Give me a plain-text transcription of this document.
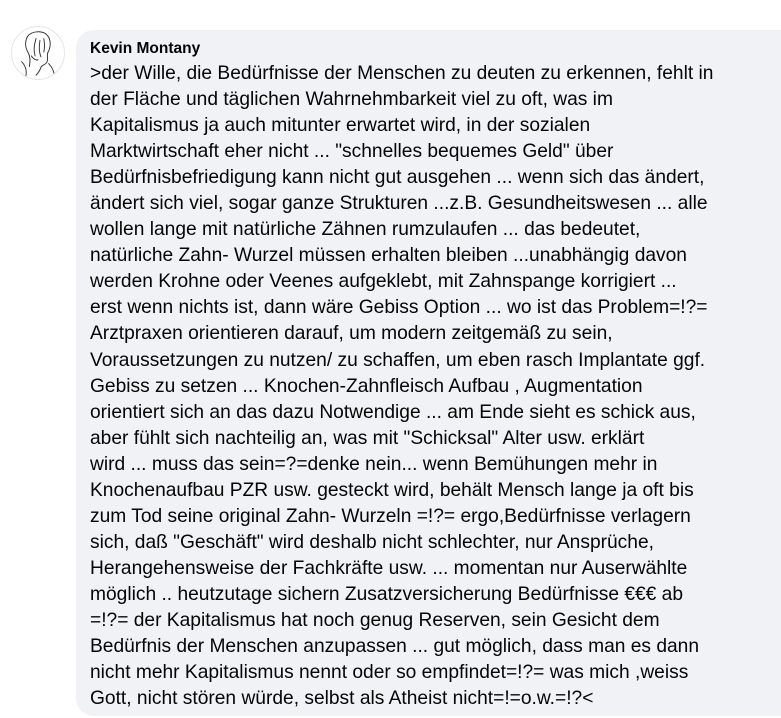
Kevin Montany
>der Wille, die Bedürfnisse der Menschen zu deuten zu erkennen, fehlt in
der Fläche und täglichen Wahrnehmbarkeit viel zu oft, was im
Kapitalismus ja auch mitunter erwartet wird, in der sozialen
Marktwirtschaft eher nicht ... "schnelles bequemes Geld" über
Bedürfnisbefriedigung kann nicht gut ausgehen ... wenn sich das ändert,
ändert sich viel, sogar ganze Strukturen ...z.B. Gesundheitswesen ... alle
wollen lange mit natürliche Zähnen rumzulaufen ... das bedeutet,
natürliche Zahn- Wurzel müssen erhalten bleiben ...unabhängig davon
werden Krohne oder Veenes aufgeklebt, mit Zahnspange korrigiert ...
erst wenn nichts ist, dann wäre Gebiss Option ... wo ist das Problem=!?=
Arztpraxen orientieren darauf, um modern zeitgemäß zu sein,
Voraussetzungen zu nutzen/ zu schaffen, um eben rasch Implantate ggf.
Gebiss zu setzen ... Knochen-Zahnfleisch Aufbau , Augmentation
orientiert sich an das dazu Notwendige ... am Ende sieht es schick aus,
aber fühlt sich nachteilig an, was mit "Schicksal" Alter usw. erklärt
wird ... muss das sein=?=denke nein... wenn Bemühungen mehr in
Knochenaufbau PZR usw. gesteckt wird, behält Mensch lange ja oft bis
zum Tod seine original Zahn- Wurzeln =!?= ergo,Bedürfnisse verlagern
sich, daß "Geschäft" wird deshalb nicht schlechter, nur Ansprüche,
Herangehensweise der Fachkräfte usw. ... momentan nur Auserwählte
möglich .. heutzutage sichern Zusatzversicherung Bedürfnisse €€€ ab
=!?= der Kapitalismus hat noch genug Reserven, sein Gesicht dem
Bedürfnis der Menschen anzupassen ... gut möglich, dass man es dann
nicht mehr Kapitalismus nennt oder so empfindet=!?= was mich ,weiss
Gott, nicht stören würde, selbst als Atheist nicht=!=o.w.=!?<
